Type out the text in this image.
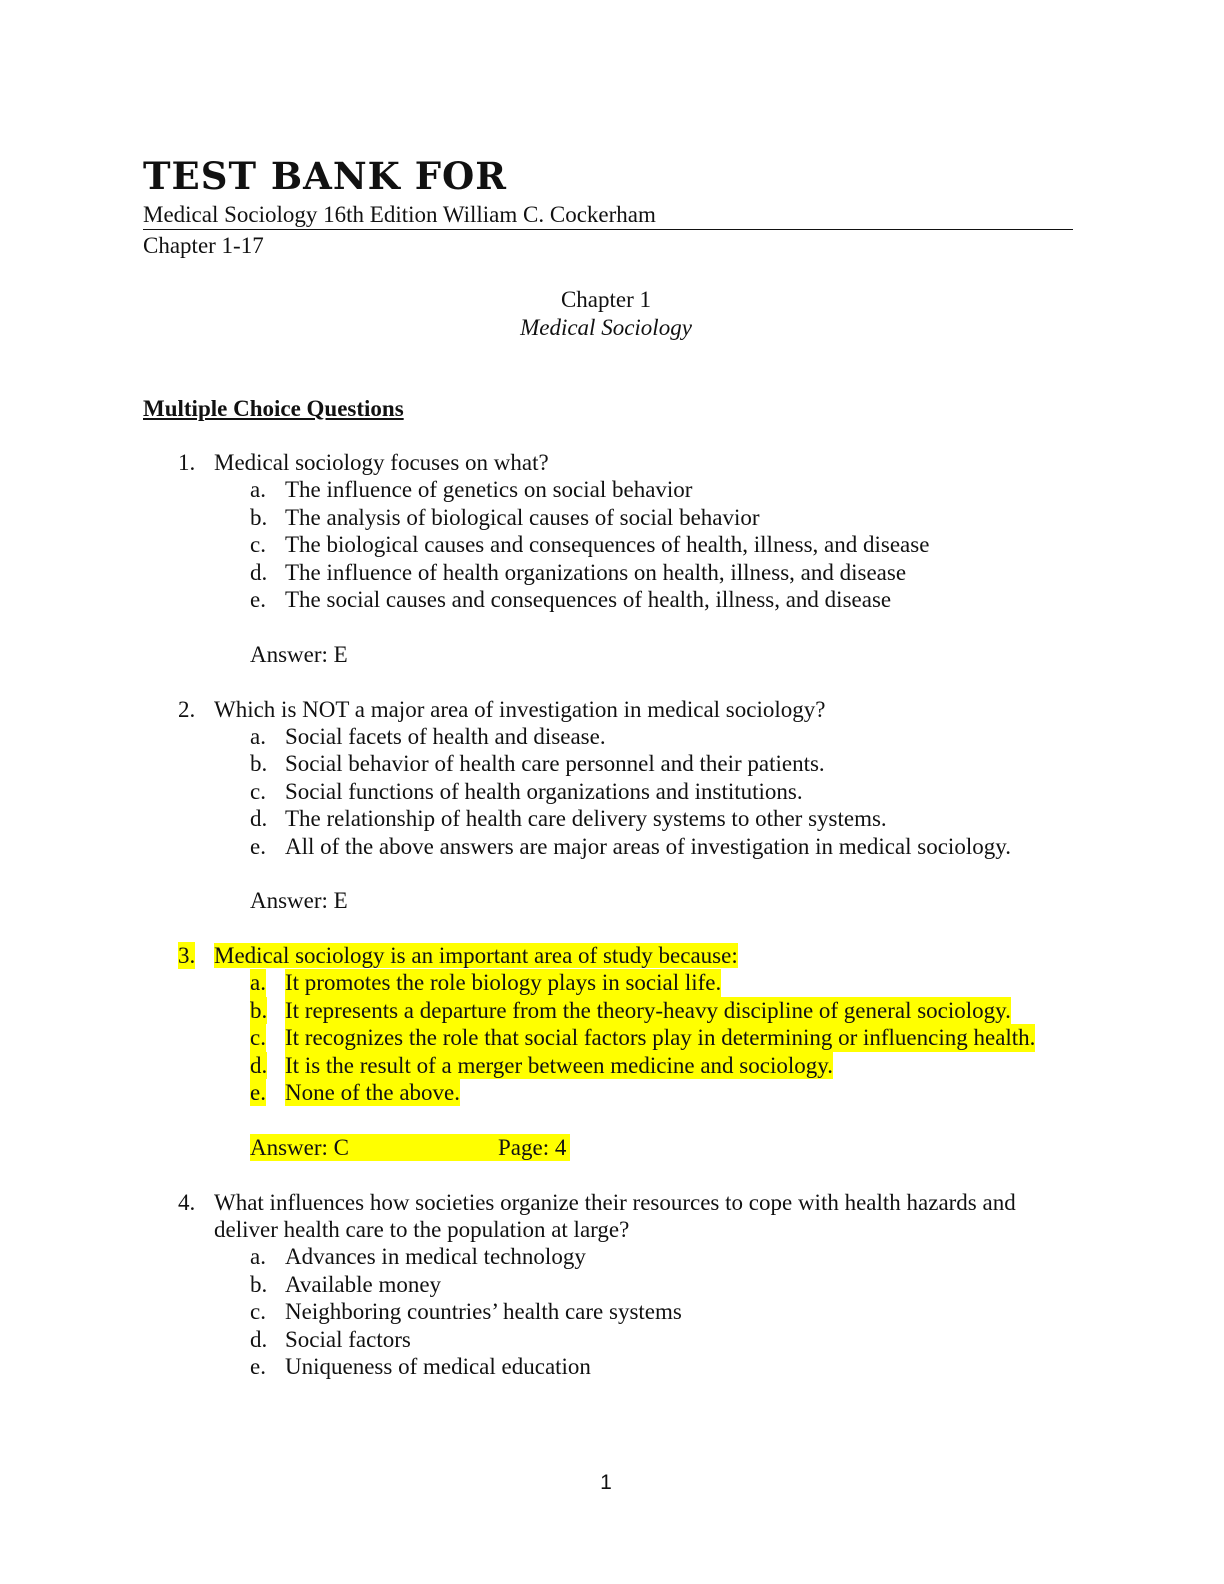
TEST BANK FOR
Medical Sociology 16th Edition William C. Cockerham
Chapter 1-17
Chapter 1
Medical Sociology
Multiple Choice Questions
1. Medical sociology focuses on what?
a. The influence of genetics on social behavior
b. The analysis of biological causes of social behavior
c. The biological causes and consequences of health, illness, and disease
d. The influence of health organizations on health, illness, and disease
e. The social causes and consequences of health, illness, and disease
Answer: E
2. Which is NOT a major area of investigation in medical sociology?
a. Social facets of health and disease.
b. Social behavior of health care personnel and their patients.
c. Social functions of health organizations and institutions.
d. The relationship of health care delivery systems to other systems.
e. All of the above answers are major areas of investigation in medical sociology.
Answer: E
3. Medical sociology is an important area of study because:
a. It promotes the role biology plays in social life.
b. It represents a departure from the theory-heavy discipline of general sociology.
c. It recognizes the role that social factors play in determining or influencing health.
d. It is the result of a merger between medicine and sociology.
e. None of the above.
Answer: C	Page: 4
4. What influences how societies organize their resources to cope with health hazards and deliver health care to the population at large?
a. Advances in medical technology
b. Available money
c. Neighboring countries’ health care systems
d. Social factors
e. Uniqueness of medical education
1
